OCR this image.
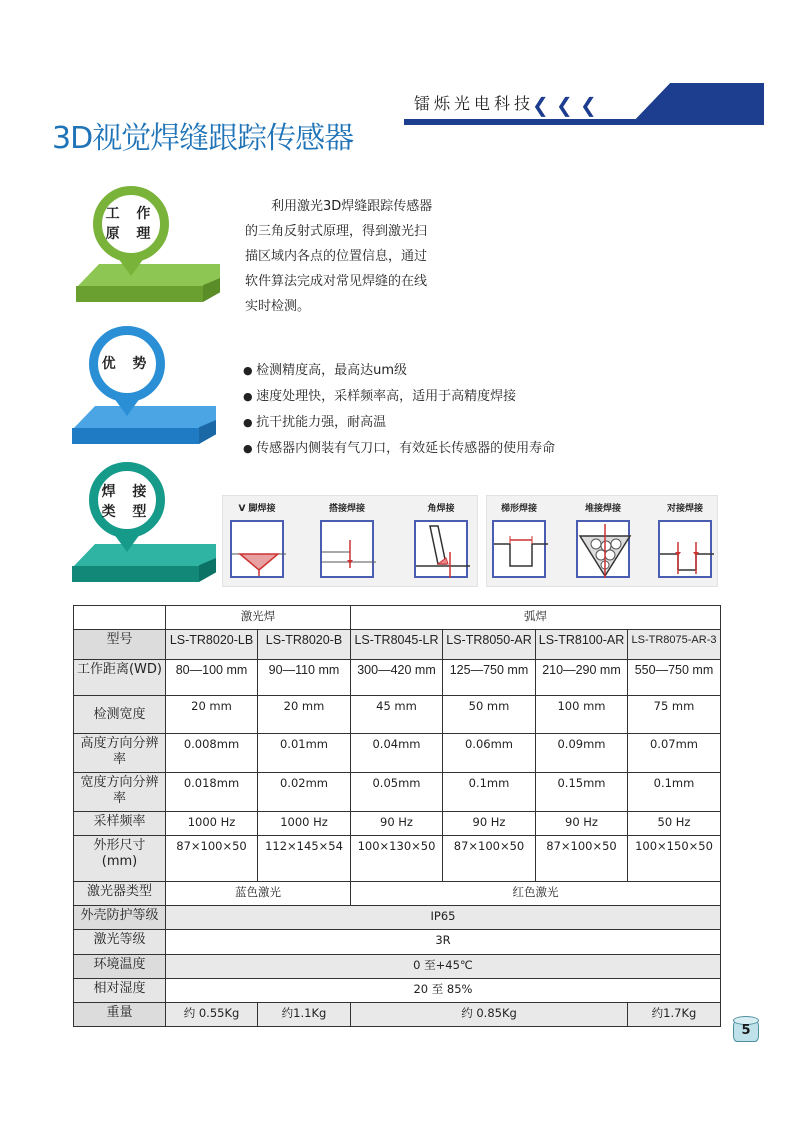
镭烁光电科技
❮ ❮ ❮
3D视觉焊缝跟踪传感器
工 作
原 理
利用激光3D焊缝跟踪传感器
的三角反射式原理，得到激光扫
描区域内各点的位置信息，通过
软件算法完成对常见焊缝的在线
实时检测。
优 势	● 检测精度高，最高达um级
● 速度处理快，采样频率高，适用于高精度焊接
● 抗干扰能力强，耐高温
● 传感器内侧装有气刀口，有效延长传感器的使用寿命
焊 接
类 型	V 脚焊接	搭接焊接	角焊接	梯形焊接	堆接焊接	对接焊接
	激光焊		弧焊			
型号	LS-TR8020-LB	LS-TR8020-B	LS-TR8045-LR	LS-TR8050-AR	LS-TR8100-AR	LS-TR8075-AR-3
工作距离(WD)	80—100 mm	90—110 mm	300—420 mm	125—750 mm	210—290 mm	550—750 mm
检测宽度	20 mm	20 mm	45 mm	50 mm	100 mm	75 mm
高度方向分辨率	0.008mm	0.01mm	0.04mm	0.06mm	0.09mm	0.07mm
宽度方向分辨率	0.018mm	0.02mm	0.05mm	0.1mm	0.15mm	0.1mm
采样频率	1000 Hz	1000 Hz	90 Hz	90 Hz	90 Hz	50 Hz
外形尺寸
(mm)	87×100×50	112×145×54	100×130×50	87×100×50	87×100×50	100×150×50
激光器类型	蓝色激光		红色激光			
外壳防护等级	IP65					
激光等级	3R					
环境温度	0 至+45℃					
相对湿度	20 至 85%					
重量	约 0.55Kg	约1.1Kg	约 0.85Kg			约1.7Kg
5
